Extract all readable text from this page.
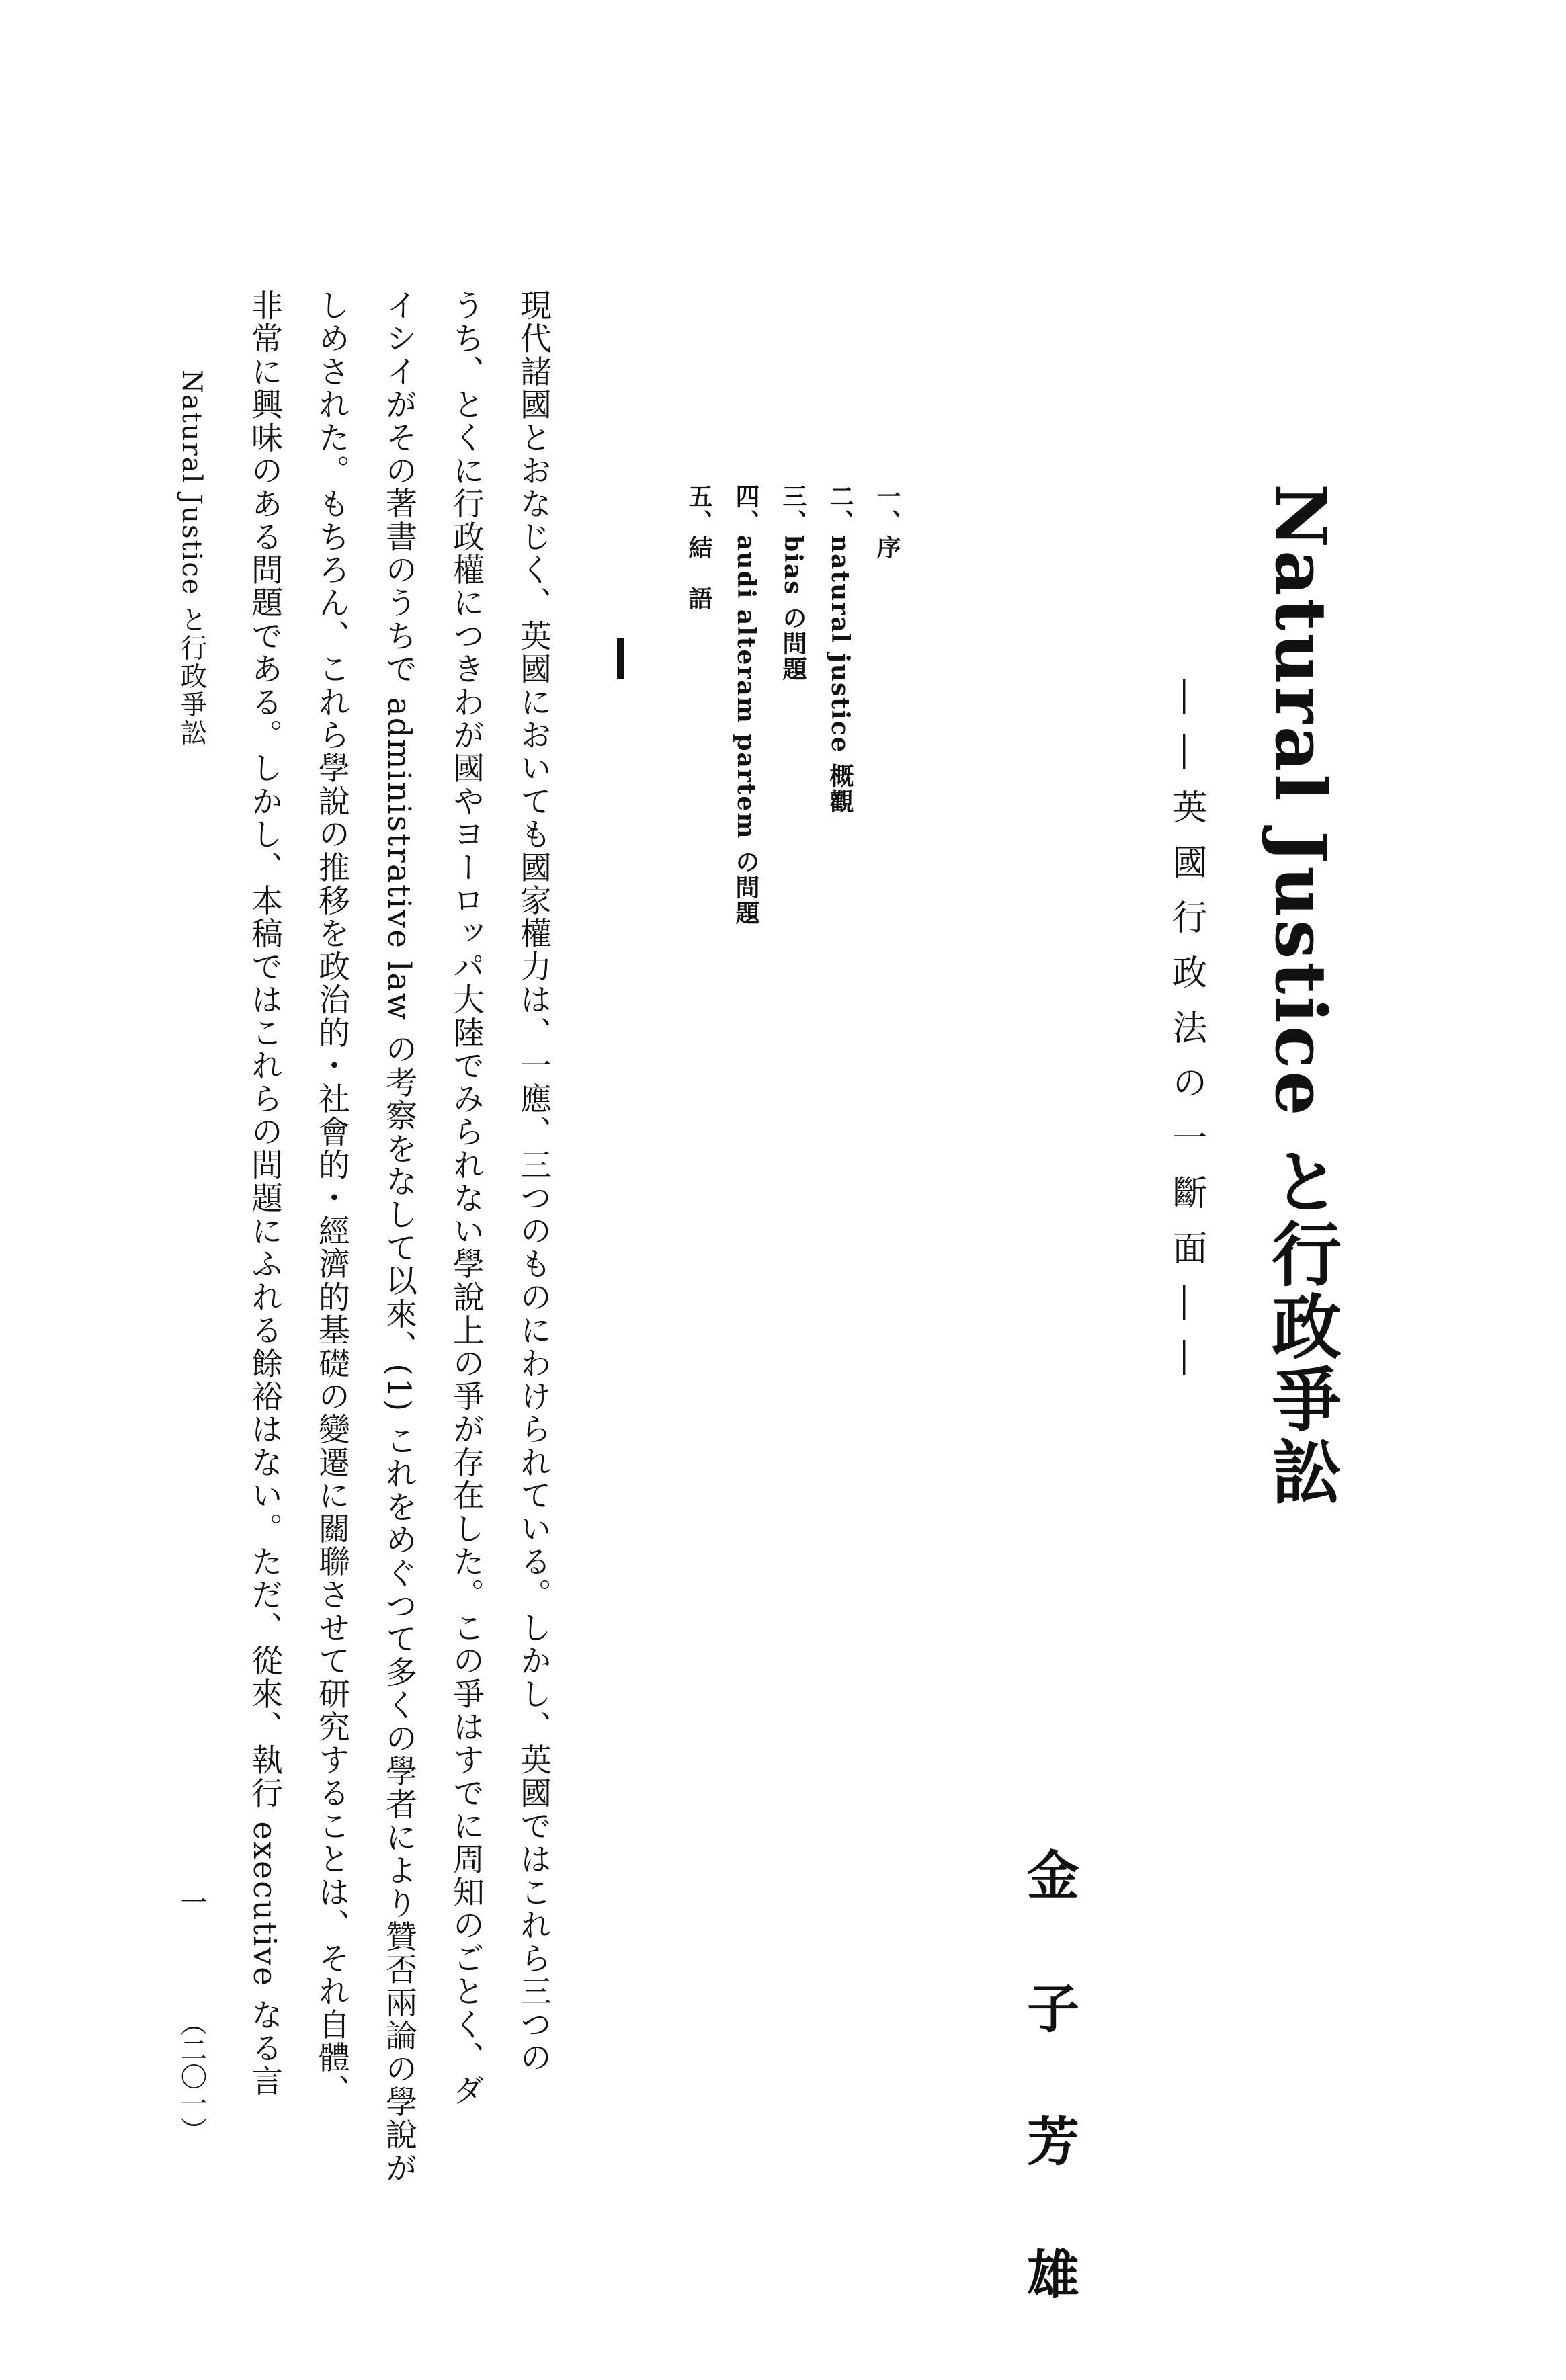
Natural Justice と行政爭訟
――英國行政法の一斷面――
金子芳雄
一、序
二、natural justice 概觀
三、bias の問題
四、audi alteram partem の問題
五、結　語
現代諸國とおなじく、英國においても國家權力は、一應、三つのものにわけられている。しかし、英國ではこれら三つの
うち、とくに行政權につきわが國やヨーロッパ大陸でみられない學說上の爭が存在した。この爭はすでに周知のごとく、ダ
イシイがその著書のうちで administrative law の考察をなして以來、(1) これをめぐつて多くの學者により贊否兩論の學說が
しめされた。もちろん、これら學說の推移を政治的・社會的・經濟的基礎の變遷に關聯させて研究することは、それ自體、
非常に興味のある問題である。しかし、本稿ではこれらの問題にふれる餘裕はない。ただ、從來、執行 executive なる言
Natural Justice と行政爭訟
一
（二〇一）
